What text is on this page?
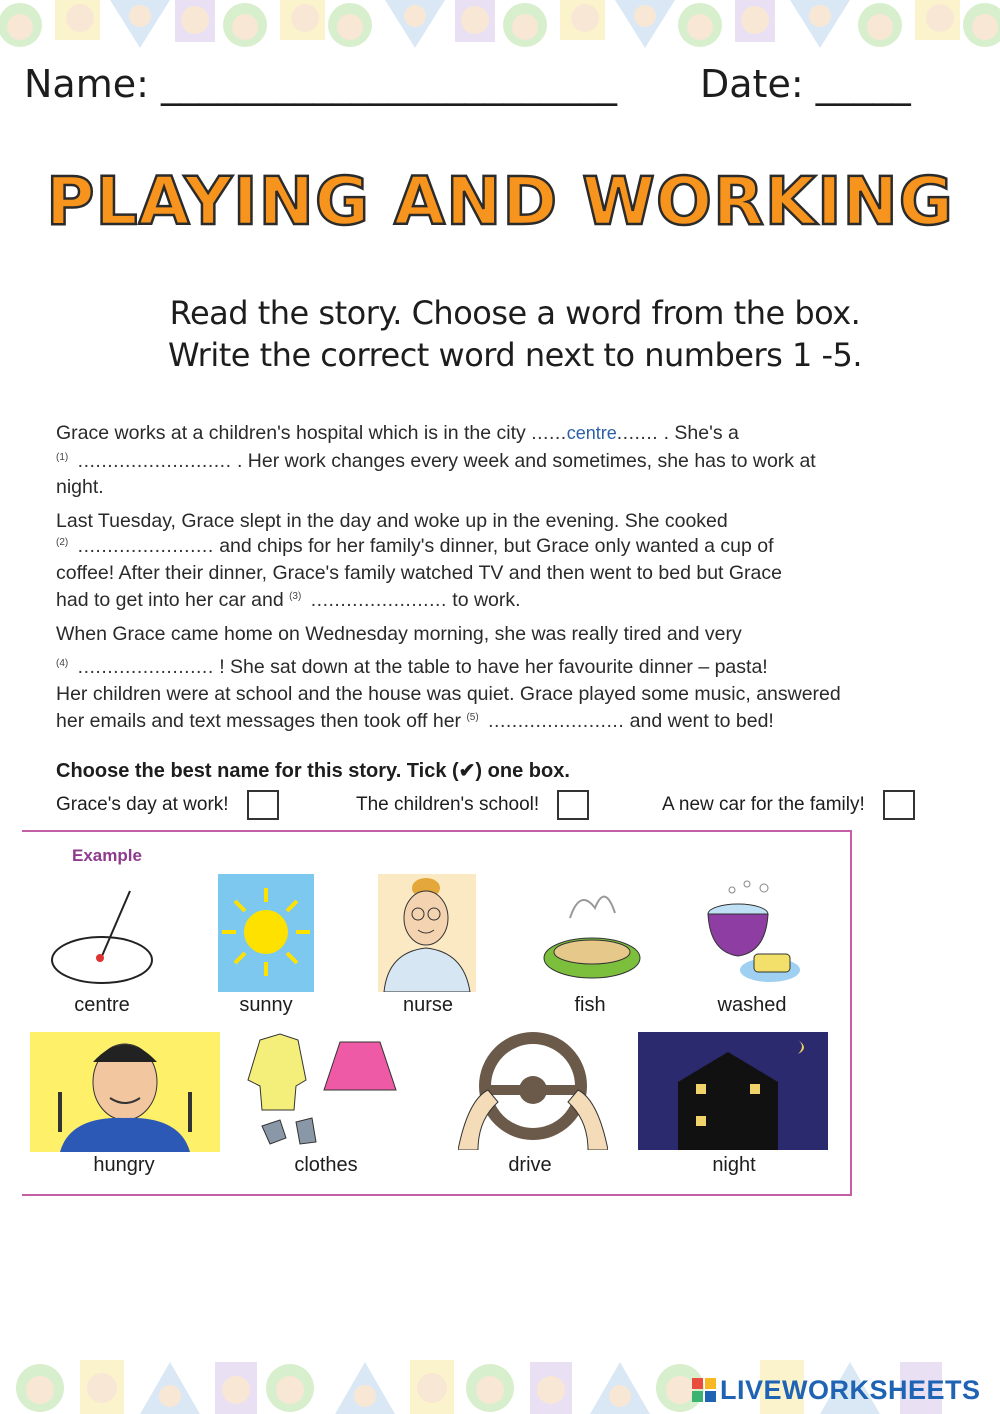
Name: ________________________ Date: _____
PLAYING AND WORKING
Read the story. Choose a word from the box.
Write the correct word next to numbers 1 -5.
Grace works at a children's hospital which is in the city ......centre....... . She's a
$^{(1)}$ .......................... . Her work changes every week and sometimes, she has to work at
night.
Last Tuesday, Grace slept in the day and woke up in the evening. She cooked
$^{(2)}$ ....................... and chips for her family's dinner, but Grace only wanted a cup of
coffee! After their dinner, Grace's family watched TV and then went to bed but Grace
had to get into her car and $^{(3)}$ ....................... to work.
When Grace came home on Wednesday morning, she was really tired and very
$^{(4)}$ ....................... ! She sat down at the table to have her favourite dinner – pasta!
Her children were at school and the house was quiet. Grace played some music, answered
her emails and text messages then took off her $^{(5)}$ ....................... and went to bed!
Choose the best name for this story. Tick (✔) one box.
Grace's day at work!	The children's school!	A new car for the family!
Example
centre	sunny	nurse	fish	washed
hungry	clothes	drive	night
LIVEWORKSHEETS
